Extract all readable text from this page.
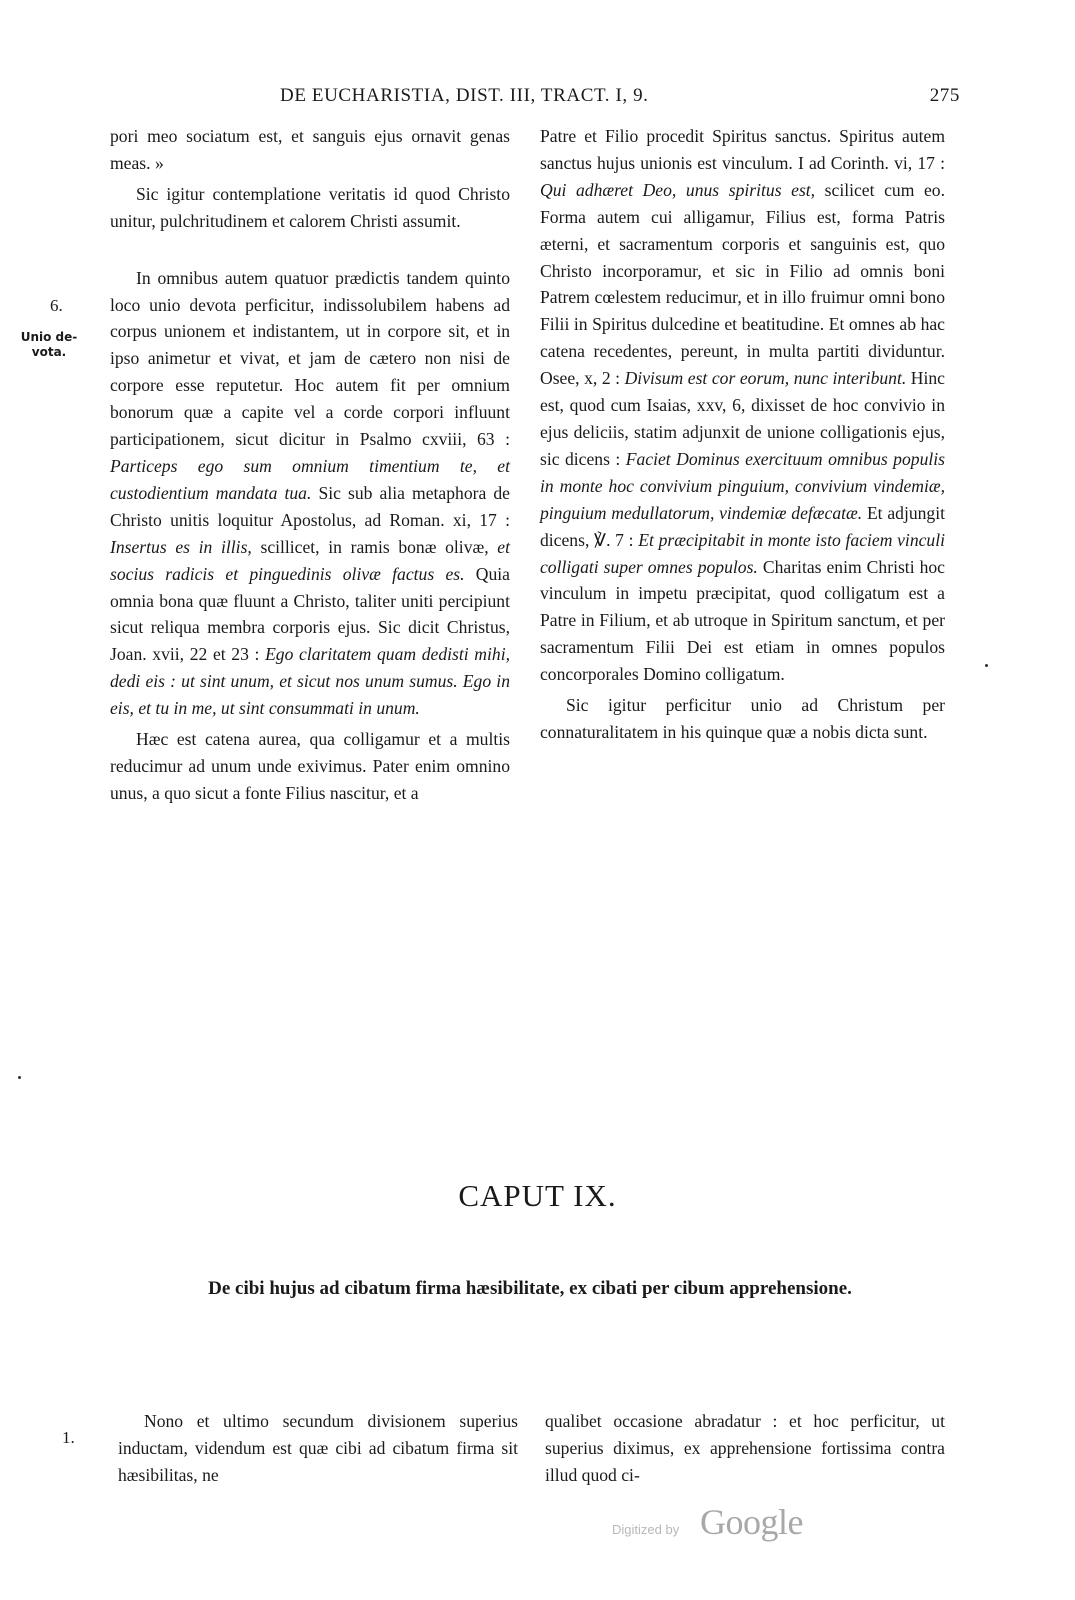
DE EUCHARISTIA, DIST. III, TRACT. I, 9.	275
6.
Unio de-
vota.

pori meo sociatum est, et sanguis ejus ornavit genas meas. »

Sic igitur contemplatione veritatis id quod Christo unitur, pulchritudinem et calorem Christi assumit.

In omnibus autem quatuor prædictis tandem quinto loco unio devota perficitur, indissolubilem habens ad corpus unionem et indistantem, ut in corpore sit, et in ipso animetur et vivat, et jam de cætero non nisi de corpore esse reputetur. Hoc autem fit per omnium bonorum quæ a capite vel a corde corpori influunt participationem, sicut dicitur in Psalmo cxviii, 63 : Particeps ego sum omnium timentium te, et custodientium mandata tua. Sic sub alia metaphora de Christo unitis loquitur Apostolus, ad Roman. xi, 17 : Insertus es in illis, scillicet, in ramis bonæ olivæ, et socius radicis et pinguedinis olivæ factus es. Quia omnia bona quæ fluunt a Christo, taliter uniti percipiunt sicut reliqua membra corporis ejus. Sic dicit Christus, Joan. xvii, 22 et 23 : Ego claritatem quam dedisti mihi, dedi eis : ut sint unum, et sicut nos unum sumus. Ego in eis, et tu in me, ut sint consummati in unum.

Hæc est catena aurea, qua colligamur et a multis reducimur ad unum unde exivimus. Pater enim omnino unus, a quo sicut a fonte Filius nascitur, et a

Patre et Filio procedit Spiritus sanctus. Spiritus autem sanctus hujus unionis est vinculum. I ad Corinth. vi, 17 : Qui adhæret Deo, unus spiritus est, scilicet cum eo. Forma autem cui alligamur, Filius est, forma Patris æterni, et sacramentum corporis et sanguinis est, quo Christo incorporamur, et sic in Filio ad omnis boni Patrem cœlestem reducimur, et in illo fruimur omni bono Filii in Spiritus dulcedine et beatitudine. Et omnes ab hac catena recedentes, pereunt, in multa partiti dividuntur. Osee, x, 2 : Divisum est cor eorum, nunc interibunt. Hinc est, quod cum Isaias, xxv, 6, dixisset de hoc convivio in ejus deliciis, statim adjunxit de unione colligationis ejus, sic dicens : Faciet Dominus exercituum omnibus populis in monte hoc convivium pinguium, convivium vindemiæ, pinguium medullatorum, vindemiæ defæcatæ. Et adjungit dicens, ℣. 7 : Et præcipitabit in monte isto faciem vinculi colligati super omnes populos. Charitas enim Christi hoc vinculum in impetu præcipitat, quod colligatum est a Patre in Filium, et ab utroque in Spiritum sanctum, et per sacramentum Filii Dei est etiam in omnes populos concorporales Domino colligatum.

Sic igitur perficitur unio ad Christum per connaturalitatem in his quinque quæ a nobis dicta sunt.

CAPUT IX.
De cibi hujus ad cibatum firma hæsibilitate, ex cibati per cibum apprehensione.
1.

Nono et ultimo secundum divisionem superius inductam, videndum est quæ cibi ad cibatum firma sit hæsibilitas, ne

qualibet occasione abradatur : et hoc perficitur, ut superius diximus, ex apprehensione fortissima contra illud quod ci-

Digitized by Google
